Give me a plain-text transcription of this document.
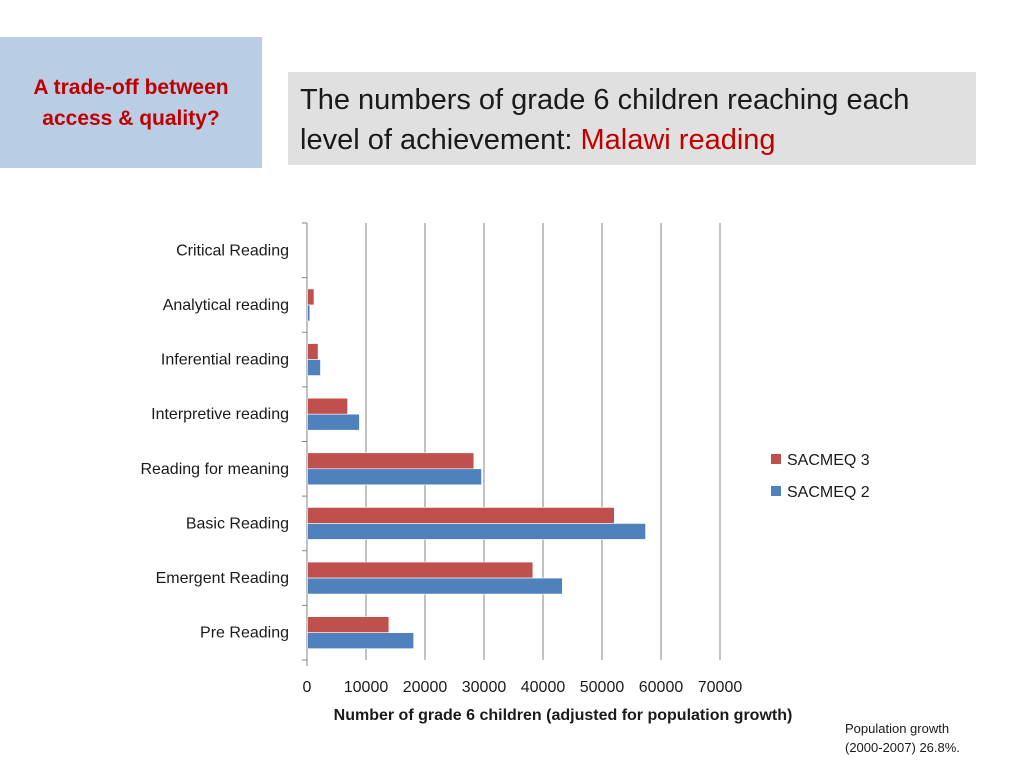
A trade-off between access & quality?

The numbers of grade 6 children reaching each level of achievement: Malawi reading

Critical Reading
Analytical reading
Inferential reading
Interpretive reading
Reading for meaning
Basic Reading
Emergent Reading
Pre Reading
0 10000 20000 30000 40000 50000 60000 70000
Number of grade 6 children (adjusted for population growth)
SACMEQ 3
SACMEQ 2
Population growth
(2000-2007) 26.8%.
